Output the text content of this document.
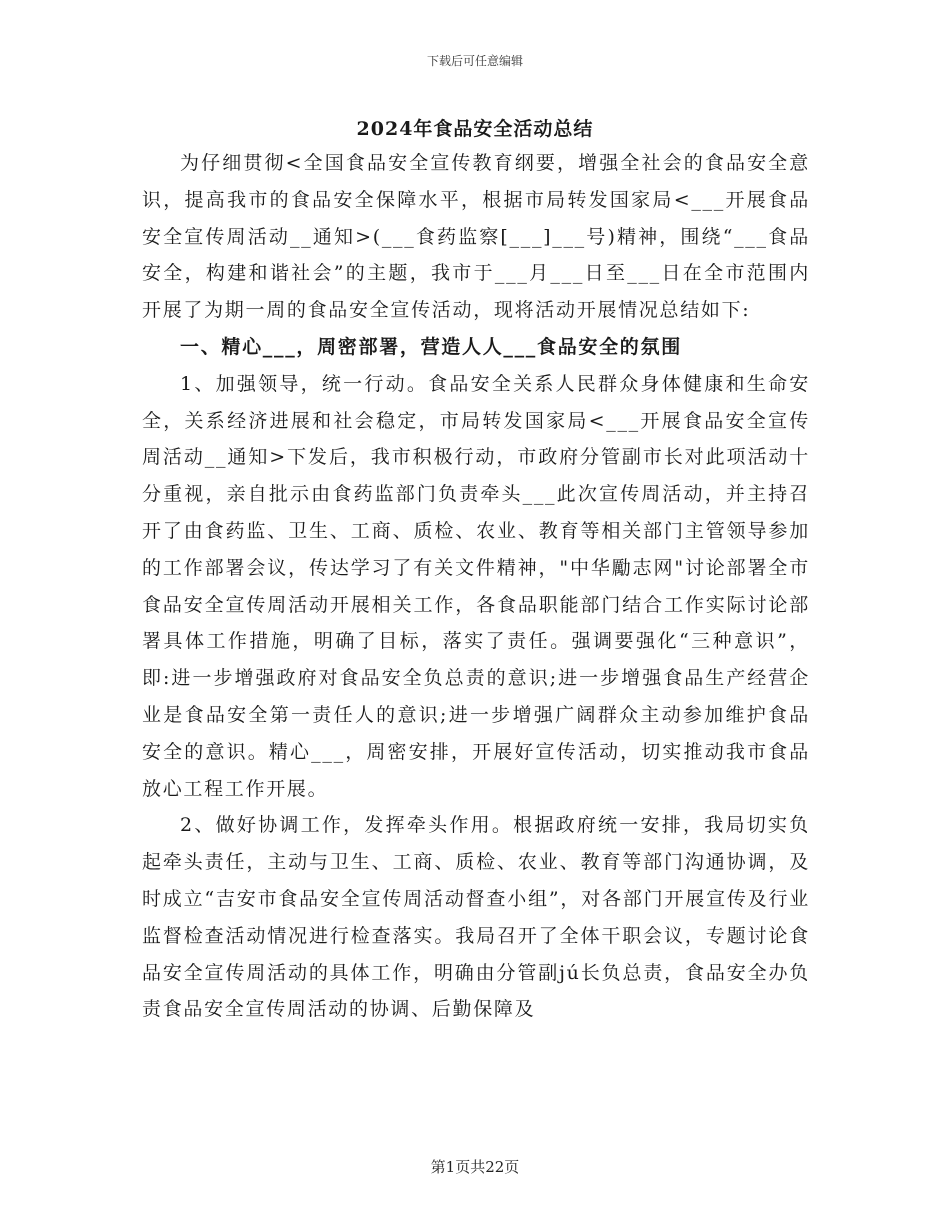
下载后可任意编辑
2024年食品安全活动总结

为仔细贯彻<全国食品安全宣传教育纲要，增强全社会的食品安全意识，提高我市的食品安全保障水平，根据市局转发国家局<___开展食品安全宣传周活动__通知>(___食药监察[___]___号)精神，围绕“___食品安全，构建和谐社会”的主题，我市于___月___日至___日在全市范围内开展了为期一周的食品安全宣传活动，现将活动开展情况总结如下:

一、精心___，周密部署，营造人人___食品安全的氛围

1、加强领导，统一行动。食品安全关系人民群众身体健康和生命安全，关系经济进展和社会稳定，市局转发国家局<___开展食品安全宣传周活动__通知>下发后，我市积极行动，市政府分管副市长对此项活动十分重视，亲自批示由食药监部门负责牵头___此次宣传周活动，并主持召开了由食药监、卫生、工商、质检、农业、教育等相关部门主管领导参加的工作部署会议，传达学习了有关文件精神，"中华勵志网"讨论部署全市食品安全宣传周活动开展相关工作，各食品职能部门结合工作实际讨论部署具体工作措施，明确了目标，落实了责任。强调要强化“三种意识”，即:进一步增强政府对食品安全负总责的意识;进一步增强食品生产经营企业是食品安全第一责任人的意识;进一步增强广阔群众主动参加维护食品安全的意识。精心___，周密安排，开展好宣传活动，切实推动我市食品放心工程工作开展。

2、做好协调工作，发挥牵头作用。根据政府统一安排，我局切实负起牵头责任，主动与卫生、工商、质检、农业、教育等部门沟通协调，及时成立“吉安市食品安全宣传周活动督查小组”，对各部门开展宣传及行业监督检查活动情况进行检查落实。我局召开了全体干职会议，专题讨论食品安全宣传周活动的具体工作，明确由分管副jú长负总责，食品安全办负责食品安全宣传周活动的协调、后勤保障及

第1页共22页
